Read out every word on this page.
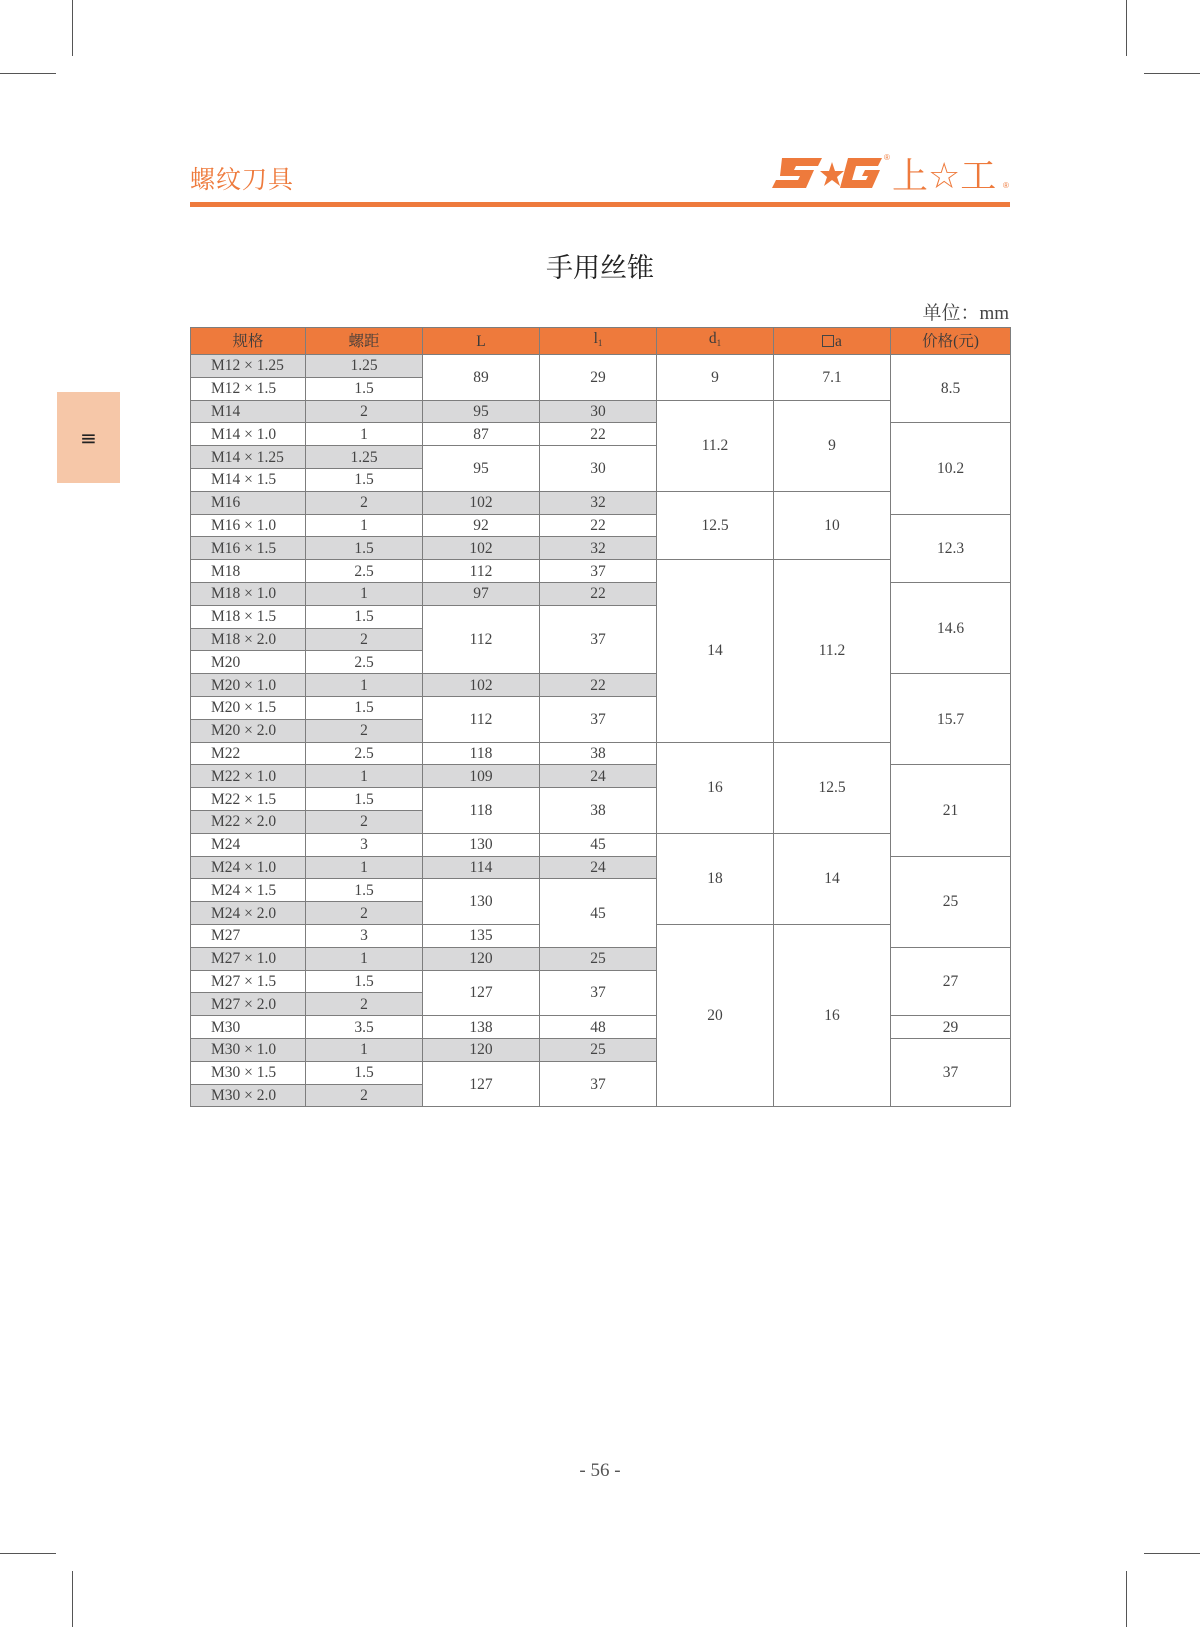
螺纹刀具
® 上☆工 ®
≡
手用丝锥
单位：mm
规格	螺距	L	$l_1$	$d_1$	a	价格(元)
M12 × 1.25	1.25	89	29	9	7.1	8.5
M12 × 1.5	1.5					
M14	2	95	30	11.2	9	
M14 × 1.0	1	87	22			10.2
M14 × 1.25	1.25	95	30			
M14 × 1.5	1.5					
M16	2	102	32	12.5	10	
M16 × 1.0	1	92	22			12.3
M16 × 1.5	1.5	102	32			
M18	2.5	112	37	14	11.2	
M18 × 1.0	1	97	22			14.6
M18 × 1.5	1.5	112	37			
M18 × 2.0	2					
M20	2.5					
M20 × 1.0	1	102	22			15.7
M20 × 1.5	1.5	112	37			
M20 × 2.0	2					
M22	2.5	118	38	16	12.5	
M22 × 1.0	1	109	24			21
M22 × 1.5	1.5	118	38			
M22 × 2.0	2					
M24	3	130	45	18	14	
M24 × 1.0	1	114	24			25
M24 × 1.5	1.5	130	45			
M24 × 2.0	2					
M27	3	135		20	16	
M27 × 1.0	1	120	25			27
M27 × 1.5	1.5	127	37			
M27 × 2.0	2					
M30	3.5	138	48			29
M30 × 1.0	1	120	25			37
M30 × 1.5	1.5	127	37			
M30 × 2.0	2					
- 56 -
